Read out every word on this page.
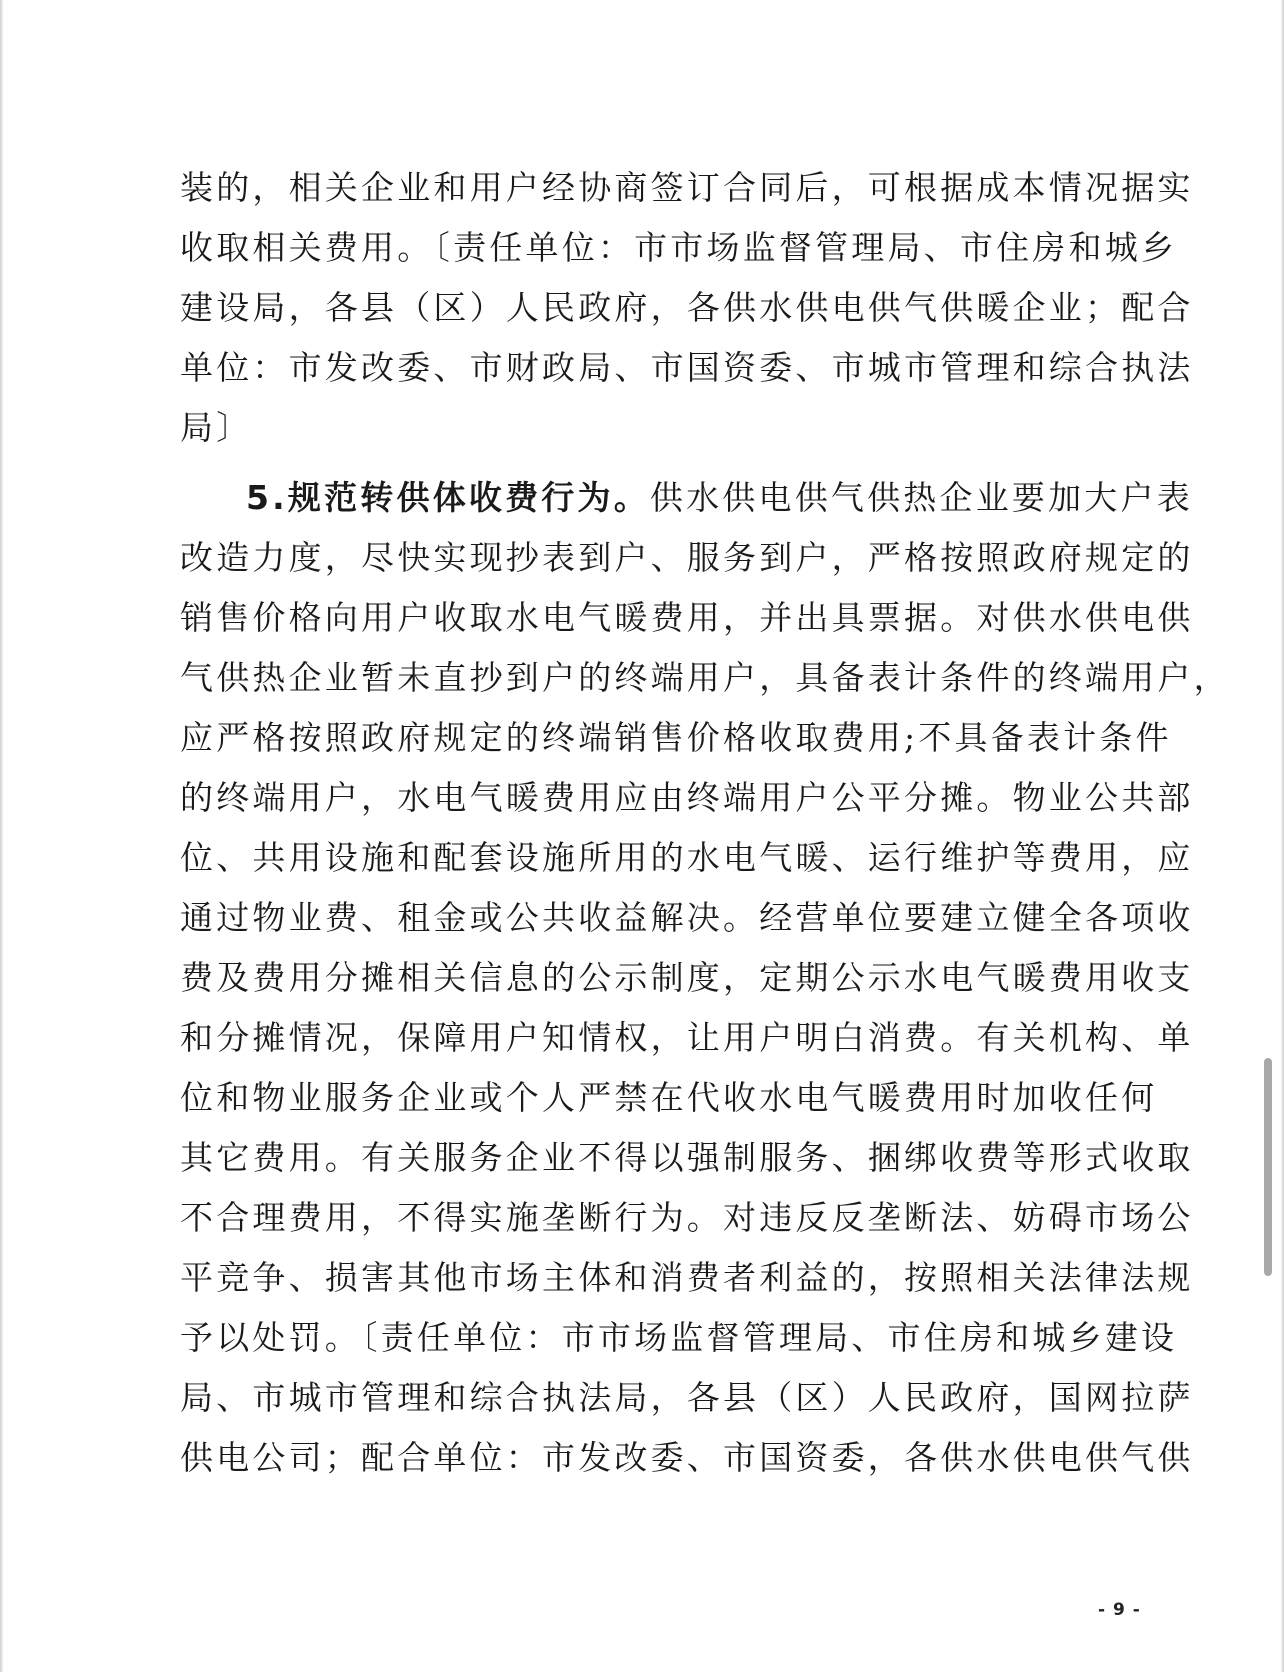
装的，相关企业和用户经协商签订合同后，可根据成本情况据实
收取相关费用。〔责任单位：市市场监督管理局、市住房和城乡
建设局，各县（区）人民政府，各供水供电供气供暖企业；配合
单位：市发改委、市财政局、市国资委、市城市管理和综合执法
局〕
5.规范转供体收费行为。供水供电供气供热企业要加大户表
改造力度，尽快实现抄表到户、服务到户，严格按照政府规定的
销售价格向用户收取水电气暖费用，并出具票据。对供水供电供
气供热企业暂未直抄到户的终端用户，具备表计条件的终端用户，
应严格按照政府规定的终端销售价格收取费用;不具备表计条件
的终端用户，水电气暖费用应由终端用户公平分摊。物业公共部
位、共用设施和配套设施所用的水电气暖、运行维护等费用，应
通过物业费、租金或公共收益解决。经营单位要建立健全各项收
费及费用分摊相关信息的公示制度，定期公示水电气暖费用收支
和分摊情况，保障用户知情权，让用户明白消费。有关机构、单
位和物业服务企业或个人严禁在代收水电气暖费用时加收任何
其它费用。有关服务企业不得以强制服务、捆绑收费等形式收取
不合理费用，不得实施垄断行为。对违反反垄断法、妨碍市场公
平竞争、损害其他市场主体和消费者利益的，按照相关法律法规
予以处罚。〔责任单位：市市场监督管理局、市住房和城乡建设
局、市城市管理和综合执法局，各县（区）人民政府，国网拉萨
供电公司；配合单位：市发改委、市国资委，各供水供电供气供
- 9 -
